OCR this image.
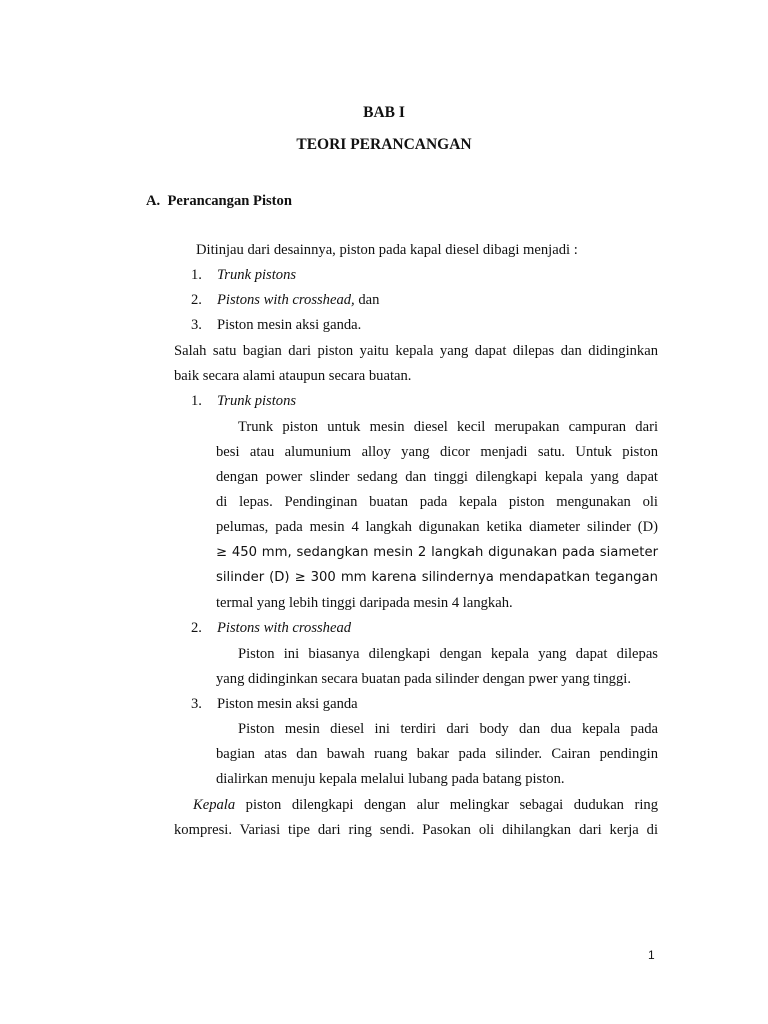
BAB I
TEORI PERANCANGAN
A. Perancangan Piston
Ditinjau dari desainnya, piston pada kapal diesel dibagi menjadi :
1. Trunk pistons
2. Pistons with crosshead, dan
3. Piston mesin aksi ganda.
Salah satu bagian dari piston yaitu kepala yang dapat dilepas dan didinginkan
baik secara alami ataupun secara buatan.
1. Trunk pistons
Trunk piston untuk mesin diesel kecil merupakan campuran dari
besi atau alumunium alloy yang dicor menjadi satu. Untuk piston
dengan power slinder sedang dan tinggi dilengkapi kepala yang dapat
di lepas. Pendinginan buatan pada kepala piston mengunakan oli
pelumas, pada mesin 4 langkah digunakan ketika diameter silinder (D)
≥ 450 mm, sedangkan mesin 2 langkah digunakan pada siameter
silinder (D) ≥ 300 mm karena silindernya mendapatkan tegangan
termal yang lebih tinggi daripada mesin 4 langkah.
2. Pistons with crosshead
Piston ini biasanya dilengkapi dengan kepala yang dapat dilepas
yang didinginkan secara buatan pada silinder dengan pwer yang tinggi.
3. Piston mesin aksi ganda
Piston mesin diesel ini terdiri dari body dan dua kepala pada
bagian atas dan bawah ruang bakar pada silinder. Cairan pendingin
dialirkan menuju kepala melalui lubang pada batang piston.
Kepala piston dilengkapi dengan alur melingkar sebagai dudukan ring
kompresi. Variasi tipe dari ring sendi. Pasokan oli dihilangkan dari kerja di
1
